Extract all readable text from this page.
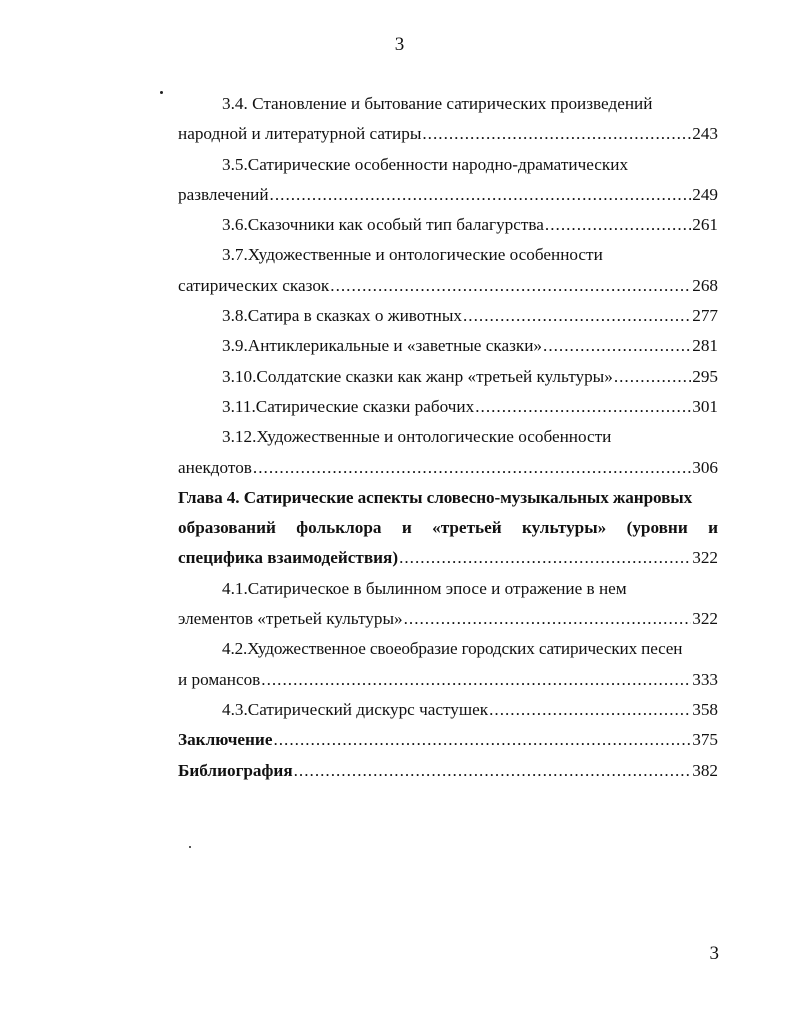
3
3.4. Становление и бытование сатирических произведений
народной и литературной сатиры .....	243
3.5.Сатирические особенности народно-драматических
развлечений .....	249
3.6.Сказочники как особый тип балагурства .....	261
3.7.Художественные и онтологические особенности
сатирических сказок .....	268
3.8.Сатира в сказках о животных .....	277
3.9.Антиклерикальные и «заветные сказки» .....	281
3.10.Солдатские сказки как жанр «третьей культуры» .....	295
3.11.Сатирические сказки рабочих .....	301
3.12.Художественные и онтологические особенности
анекдотов .....	306
Глава 4. Сатирические аспекты словесно-музыкальных жанровых
образований фольклора и «третьей культуры» (уровни и
специфика взаимодействия) .....	322
4.1.Сатирическое в былинном эпосе и отражение в нем
элементов «третьей культуры» .....	322
4.2.Художественное своеобразие городских сатирических песен
и романсов .....	333
4.3.Сатирический дискурс частушек .....	358
Заключение .....	375
Библиография .....	382
3
